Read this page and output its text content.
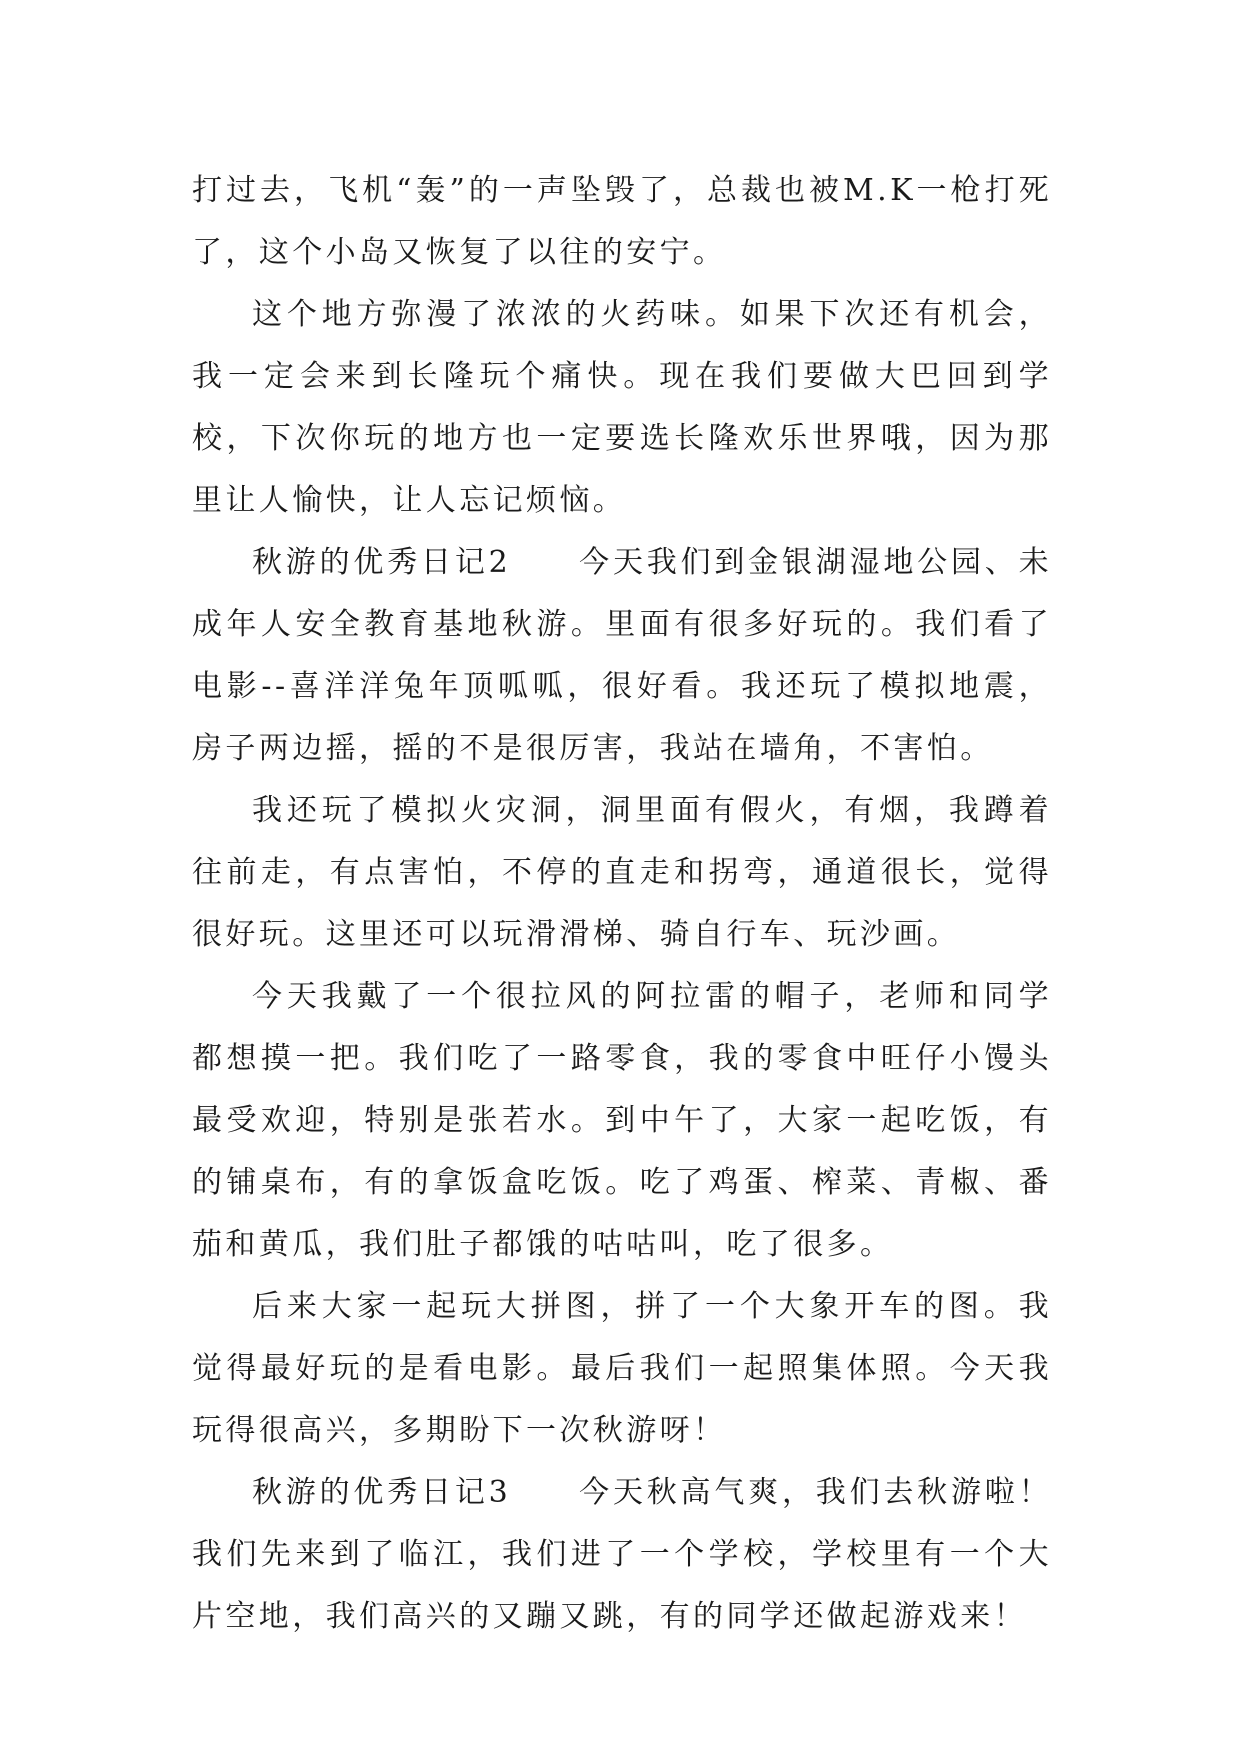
打过去，飞机“轰”的一声坠毁了，总裁也被M.K一枪打死了，这个小岛又恢复了以往的安宁。

这个地方弥漫了浓浓的火药味。如果下次还有机会，我一定会来到长隆玩个痛快。现在我们要做大巴回到学校，下次你玩的地方也一定要选长隆欢乐世界哦，因为那里让人愉快，让人忘记烦恼。

秋游的优秀日记2　　今天我们到金银湖湿地公园、未成年人安全教育基地秋游。里面有很多好玩的。我们看了电影--喜洋洋兔年顶呱呱，很好看。我还玩了模拟地震，房子两边摇，摇的不是很厉害，我站在墙角，不害怕。

我还玩了模拟火灾洞，洞里面有假火，有烟，我蹲着往前走，有点害怕，不停的直走和拐弯，通道很长，觉得很好玩。这里还可以玩滑滑梯、骑自行车、玩沙画。

今天我戴了一个很拉风的阿拉雷的帽子，老师和同学都想摸一把。我们吃了一路零食，我的零食中旺仔小馒头最受欢迎，特别是张若水。到中午了，大家一起吃饭，有的铺桌布，有的拿饭盒吃饭。吃了鸡蛋、榨菜、青椒、番茄和黄瓜，我们肚子都饿的咕咕叫，吃了很多。

后来大家一起玩大拼图，拼了一个大象开车的图。我觉得最好玩的是看电影。最后我们一起照集体照。今天我玩得很高兴，多期盼下一次秋游呀！

秋游的优秀日记3　　今天秋高气爽，我们去秋游啦！我们先来到了临江，我们进了一个学校，学校里有一个大片空地，我们高兴的又蹦又跳，有的同学还做起游戏来！
